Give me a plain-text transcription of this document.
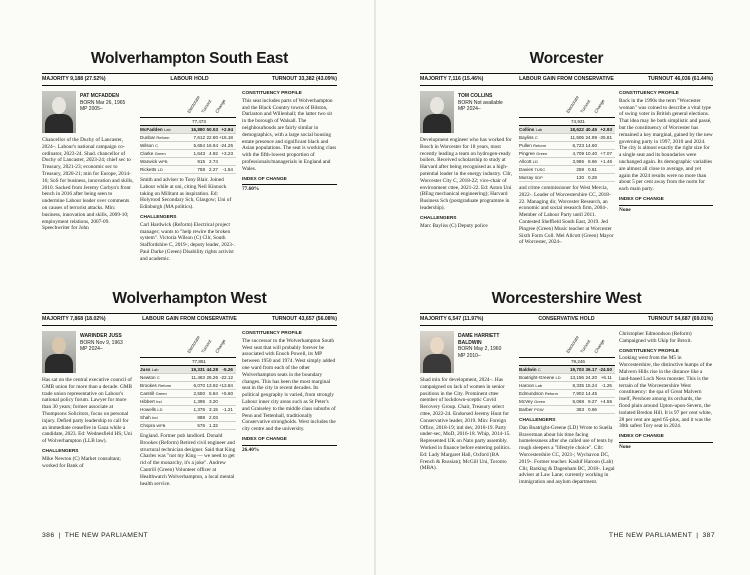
Wolverhampton South East
MAJORITY 9,188 (27.52%)	LABOUR HOLD	TURNOUT 33,382 (43.09%)
PAT MCFADDEN
BORN Mar 26, 1965
MP 2005–
Chancellor of the Duchy of Lancaster, 2024–. Labour's national campaign co-ordinator, 2023-24. Shad. chancellor of Duchy of Lancaster, 2023-24; chief sec to Treasury, 2021-23; economic sec to Treasury, 2020-21; min for Europe, 2014-16; SoS for business, innovation and skills, 2010. Sacked from Jeremy Corbyn's front bench in 2016 after being seen to undermine Labour leader over comments on causes of terrorist attacks. Min: business, innovation and skills, 2009-10; employment relations, 2007-09. Speechwriter for John
Electorate Turnout Change
77,473
McFadden Lab	16,880 50.53 +2.94
Dunbar Reform	7,612 22.80 +16.18
Wilson C	5,654 16.94 -24.25
Clarke Green	1,643 4.92 +3.23
Warwick WPB	915 2.74
Ricketts LD	758 2.27 -1.54
Smith and adviser to Tony Blair. Joined Labour while at uni, citing Neil Kinnock taking on Militant as inspiration. Ed: Holyrood Secondary Sch, Glasgow; Uni of Edinburgh (MA politics).
CHALLENGERS
Carl Hardwick (Reform) Electrical project manager; wants to "help rewire the broken system". Victoria Wilson (C) Cllr, South Staffordshire C, 2019-; deputy leader, 2023-. Paul Darke (Green) Disability rights activist and academic.
CONSTITUENCY PROFILE
This seat includes parts of Wolverhampton and the Black Country towns of Bilston, Darlaston and Willenhall; the latter two sit in the borough of Walsall. The neighbourhoods are fairly similar in demographics, with a large social housing estate presence and significant black and Asian populations. The seat is working class with the fifth-lowest proportion of professionals/managerials in England and Wales.
INDEX OF CHANGE
77.60%
Wolverhampton West
MAJORITY 7,868 (18.02%)	LABOUR GAIN FROM CONSERVATIVE	TURNOUT 43,657 (56.08%)
WARINDER JUSS
BORN Nov 9, 1963
MP 2024–
Has sat on the central executive council of GMB union for more than a decade. GMB trade union representative on Labour's national policy forum. Lawyer for more than 30 years; former associate at Thompsons Solicitors, focus on personal injury. Defied party leadership to call for an immediate ceasefire in Gaza while a candidate, 2023. Ed: Wednesfield HS; Uni of Wolverhampton (LLB law).
CHALLENGERS
Mike Newton (C) Market consultant; worked for Bank of
Electorate Turnout Change
77,851
Juss Lab	19,331 44.28 -5.26
Newton C	11,463 26.26 -22.12
Brookes Reform	6,070 13.92 +13.84
Cantrill Green	2,550 5.84 +5.60
Hibbert Ind	1,395 3.20
Howells LD	1,376 3.15 -1.21
Shah Ind	888 2.03
Chopra WPB	576 1.32
England. Former pub landlord. Donald Brookes (Reform) Retired civil engineer and structural technician designer. Said that King Charles was "not my King — we need to get rid of the monarchy, it's a joke". Andrew Cantrill (Green) Volunteer officer at Healthwatch Wolverhampton, a local mental health service.
CONSTITUENCY PROFILE
The successor to the Wolverhampton South West seat that will probably forever be associated with Enoch Powell, its MP between 1950 and 1974. West simply added one ward from each of the other Wolverhampton seats in the boundary changes. This has been the most marginal seat in the city in recent decades. Its political geography is varied, from strongly Labour inner city areas such as St Peter's and Graiseley to the middle class suburbs of Penn and Tettenhall, traditionally Conservative strongholds. West includes the city centre and the university.
INDEX OF CHANGE
26.40%
386 | THE NEW PARLIAMENT
Worcester
MAJORITY 7,116 (15.46%)	LABOUR GAIN FROM CONSERVATIVE	TURNOUT 46,036 (61.44%)
TOM COLLINS
BORN Not available
MP 2024–
Development engineer who has worked for Bosch in Worcester for 18 years, most recently leading a team on hydrogen-ready boilers. Received scholarship to study at Harvard after being recognised as a high-potential leader in the energy industry. Cllr, Worcester City C, 2018-22; vice-chair of environment cttee, 2021-22. Ed: Aston Uni (BEng mechanical engineering); Harvard Business Sch (postgraduate programme in leadership).
CHALLENGERS
Marc Bayliss (C) Deputy police
Electorate Turnout Change
74,931
Collins Lab	18,622 40.45 +2.93
Bayliss C	11,506 24.99 -25.81
Pullen Reform	6,723 14.60
Pingree Green	4,709 10.40 +7.07
Allcott LD	3,986 8.66 +1.46
Davies TUSC	269 0.61
Murray SDP	130 0.28
and crime commissioner for West Mercia, 2022-. Leader of Worcestershire CC, 2018-22. Managing dir, Worcester Research, an economic and social research firm, 2004-. Member of Labour Party until 2011. Contested Sheffield South East, 2019. Jed Pingree (Green) Music teacher at Worcester Sixth Form Coll. Mel Allcott (Green) Mayor of Worcester, 2024-.
CONSTITUENCY PROFILE
Back in the 1990s the term "Worcester woman" was coined to describe a vital type of swing voter in British general elections. That idea may be both simplistic and passé, but the constituency of Worcester has remained a key marginal, gained by the new governing party in 1997, 2010 and 2024. The city is almost exactly the right size for a single seat and its boundaries were unchanged again. Its demographic variables are almost all close to average, and yet again the 2024 results were no more than about 5 per cent away from the norm for each main party.
INDEX OF CHANGE
None
Worcestershire West
MAJORITY 6,547 (11.97%)	CONSERVATIVE HOLD	TURNOUT 54,687 (69.01%)
DAME HARRIETT BALDWIN
BORN May 2, 1960
MP 2010–
Shad min for development, 2024–. Has campaigned on lack of women in senior positions in the City. Prominent cttee member of lockdown-sceptic Covid Recovery Group. Chair, Treasury select cttee, 2022-24. Endorsed Jeremy Hunt for Conservative leader, 2019. Min: Foreign Office, 2018-19; intl dev, 2018-19. Party under-sec, MoD, 2016-18. Whip, 2014-15. Represented UK on Nato party assembly. Worked in finance before entering politics. Ed: Lady Margaret Hall, Oxford (BA French & Russian); McGill Uni, Toronto (MBA).
Electorate Turnout Change
79,246
Baldwin C	19,703 36.17 -24.50
Boatright-Greene LD	13,156 24.20 +6.11
Haroon Lab	8,335 15.24 -1.26
Edmundson Reform	7,902 14.45
McVey Green	5,068 9.27 +4.55
Barber PGW	363 0.66
CHALLENGERS
Dan Boatright-Greene (LD) Wrote to Suella Braverman about his time facing homelessness after she called use of tents by rough sleepers a "lifestyle choice". Cllr: Worcestershire CC, 2021-; Wychavon DC, 2019-. Former teacher. Kashif Haroon (Lab) Cllr, Barking & Dagenham BC, 2018-. Legal adviser at Law Lane; currently working in immigration and asylum department.
Christopher Edmondson (Reform) Campaigned with Ukip for Brexit.
CONSTITUENCY PROFILE
Looking west from the M5 in Worcestershire, the distinctive humps of the Malvern Hills rise in the distance like a land-based Loch Ness monster. This is the terrain of the Worcestershire West constituency: the spa of Great Malvern itself, Pershore among its orchards, the flood plain around Upton-upon-Severn, the isolated Bredon Hill. It is 97 per cent white, 28 per cent are aged 65-plus, and it was the 30th safest Tory seat in 2024.
INDEX OF CHANGE
None
THE NEW PARLIAMENT | 387
